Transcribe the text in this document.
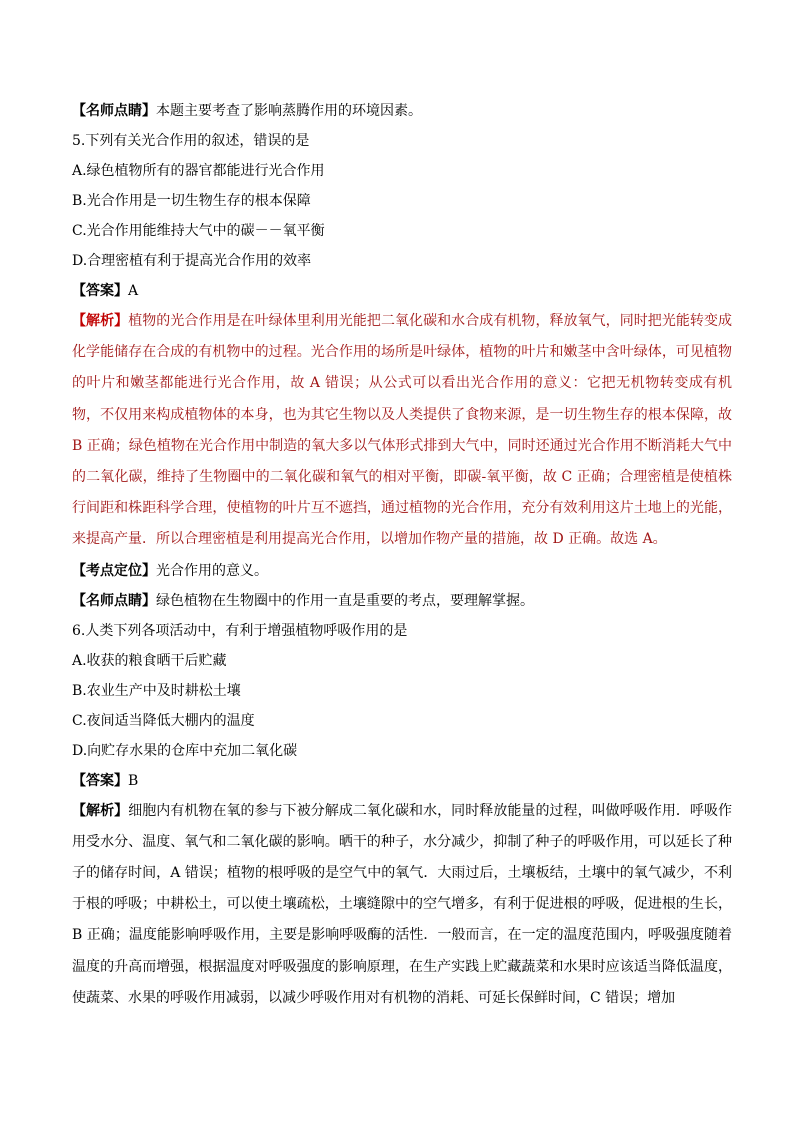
【名师点睛】本题主要考查了影响蒸腾作用的环境因素。
5.下列有关光合作用的叙述，错误的是
A.绿色植物所有的器官都能进行光合作用
B.光合作用是一切生物生存的根本保障
C.光合作用能维持大气中的碳－－氧平衡
D.合理密植有利于提高光合作用的效率
【答案】A

【解析】植物的光合作用是在叶绿体里利用光能把二氧化碳和水合成有机物，释放氧气，同时把光能转变成化学能储存在合成的有机物中的过程。光合作用的场所是叶绿体，植物的叶片和嫩茎中含叶绿体，可见植物的叶片和嫩茎都能进行光合作用，故 A 错误；从公式可以看出光合作用的意义：它把无机物转变成有机物，不仅用来构成植物体的本身，也为其它生物以及人类提供了食物来源，是一切生物生存的根本保障，故 B 正确；绿色植物在光合作用中制造的氧大多以气体形式排到大气中，同时还通过光合作用不断消耗大气中的二氧化碳，维持了生物圈中的二氧化碳和氧气的相对平衡，即碳-氧平衡，故 C 正确；合理密植是使植株行间距和株距科学合理，使植物的叶片互不遮挡，通过植物的光合作用，充分有效利用这片土地上的光能，来提高产量．所以合理密植是利用提高光合作用，以增加作物产量的措施，故 D 正确。故选 A。

【考点定位】光合作用的意义。
【名师点睛】绿色植物在生物圈中的作用一直是重要的考点，要理解掌握。
6.人类下列各项活动中，有利于增强植物呼吸作用的是
A.收获的粮食晒干后贮藏
B.农业生产中及时耕松土壤
C.夜间适当降低大棚内的温度
D.向贮存水果的仓库中充加二氧化碳
【答案】B

【解析】细胞内有机物在氧的参与下被分解成二氧化碳和水，同时释放能量的过程，叫做呼吸作用．呼吸作用受水分、温度、氧气和二氧化碳的影响。晒干的种子，水分减少，抑制了种子的呼吸作用，可以延长了种子的储存时间，A 错误；植物的根呼吸的是空气中的氧气．大雨过后，土壤板结，土壤中的氧气减少，不利于根的呼吸；中耕松土，可以使土壤疏松，土壤缝隙中的空气增多，有利于促进根的呼吸，促进根的生长，B 正确；温度能影响呼吸作用，主要是影响呼吸酶的活性．一般而言，在一定的温度范围内，呼吸强度随着温度的升高而增强，根据温度对呼吸强度的影响原理，在生产实践上贮藏蔬菜和水果时应该适当降低温度，使蔬菜、水果的呼吸作用减弱，以减少呼吸作用对有机物的消耗、可延长保鲜时间，C 错误；增加
